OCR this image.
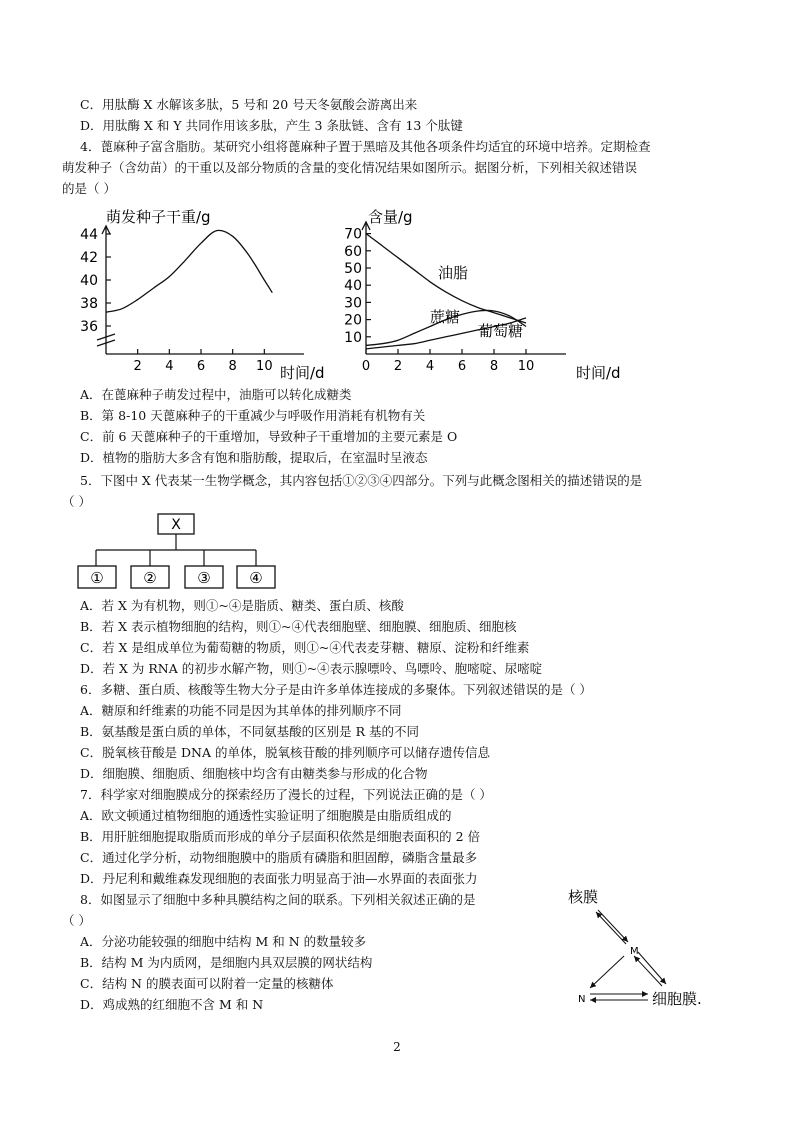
C．用肽酶 X 水解该多肽，5 号和 20 号天冬氨酸会游离出来
D．用肽酶 X 和 Y 共同作用该多肽，产生 3 条肽链、含有 13 个肽键
4．蓖麻种子富含脂肪。某研究小组将蓖麻种子置于黑暗及其他各项条件均适宜的环境中培养。定期检查
萌发种子（含幼苗）的干重以及部分物质的含量的变化情况结果如图所示。据图分析，下列相关叙述错误
的是（ ）
A．在蓖麻种子萌发过程中，油脂可以转化成糖类
B．第 8-10 天蓖麻种子的干重减少与呼吸作用消耗有机物有关
C．前 6 天蓖麻种子的干重增加，导致种子干重增加的主要元素是 O
D．植物的脂肪大多含有饱和脂肪酸，提取后，在室温时呈液态
5．下图中 X 代表某一生物学概念，其内容包括①②③④四部分。下列与此概念图相关的描述错误的是
（ ）
A．若 X 为有机物，则①~④是脂质、糖类、蛋白质、核酸
B．若 X 表示植物细胞的结构，则①~④代表细胞壁、细胞膜、细胞质、细胞核
C．若 X 是组成单位为葡萄糖的物质，则①~④代表麦芽糖、糖原、淀粉和纤维素
D．若 X 为 RNA 的初步水解产物，则①~④表示腺嘌呤、鸟嘌呤、胞嘧啶、尿嘧啶
6．多糖、蛋白质、核酸等生物大分子是由许多单体连接成的多聚体。下列叙述错误的是（ ）
A．糖原和纤维素的功能不同是因为其单体的排列顺序不同
B．氨基酸是蛋白质的单体，不同氨基酸的区别是 R 基的不同
C．脱氧核苷酸是 DNA 的单体，脱氧核苷酸的排列顺序可以储存遗传信息
D．细胞膜、细胞质、细胞核中均含有由糖类参与形成的化合物
7．科学家对细胞膜成分的探索经历了漫长的过程，下列说法正确的是（ ）
A．欧文顿通过植物细胞的通透性实验证明了细胞膜是由脂质组成的
B．用肝脏细胞提取脂质而形成的单分子层面积依然是细胞表面积的 2 倍
C．通过化学分析，动物细胞膜中的脂质有磷脂和胆固醇，磷脂含量最多
D．丹尼利和戴维森发现细胞的表面张力明显高于油—水界面的表面张力
8．如图显示了细胞中多种具膜结构之间的联系。下列相关叙述正确的是
（ ）
A．分泌功能较强的细胞中结构 M 和 N 的数量较多
B．结构 M 为内质网，是细胞内具双层膜的网状结构
C．结构 N 的膜表面可以附着一定量的核糖体
D．鸡成熟的红细胞不含 M 和 N
36
38
40
42
44
2 4 6 8 10
萌发种子干重/g
时间/d
10
20
30
40
50
60
70
0 2 4 6 8 10
含量/g
时间/d
油脂
蔗糖
葡萄糖
X
①	②	③	④
核膜
M
N	细胞膜.
2
